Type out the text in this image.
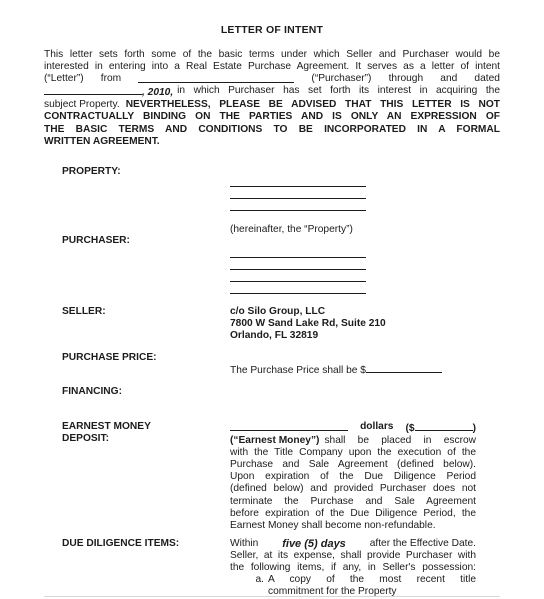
LETTER OF INTENT
This letter sets forth some of the basic terms under which Seller and Purchaser would be
interested in entering into a Real Estate Purchase Agreement. It serves as a letter of intent
(“Letter”) from	(“Purchaser”) through and dated
, 2010, in which Purchaser has set forth its interest in acquiring the
subject Property. NEVERTHELESS, PLEASE BE ADVISED THAT THIS LETTER IS NOT
CONTRACTUALLY BINDING ON THE PARTIES AND IS ONLY AN EXPRESSION OF
THE BASIC TERMS AND CONDITIONS TO BE INCORPORATED IN A FORMAL
WRITTEN AGREEMENT.
PROPERTY:
(hereinafter, the “Property”)
PURCHASER:
SELLER:	c/o Silo Group, LLC
7800 W Sand Lake Rd, Suite 210
Orlando, FL 32819
PURCHASE PRICE:
The Purchase Price shall be $
FINANCING:
EARNEST MONEY
DEPOSIT:
dollars ($	)
(“Earnest Money”) shall be placed in escrow
with the Title Company upon the execution of the
Purchase and Sale Agreement (defined below).
Upon expiration of the Due Diligence Period
(defined below) and provided Purchaser does not
terminate the Purchase and Sale Agreement
before expiration of the Due Diligence Period, the
Earnest Money shall become non-refundable.
DUE DILIGENCE ITEMS:	Within five (5) days after the Effective Date.
Seller, at its expense, shall provide Purchaser with
the following items, if any, in Seller's possession:
a. A copy of the most recent title
commitment for the Property
